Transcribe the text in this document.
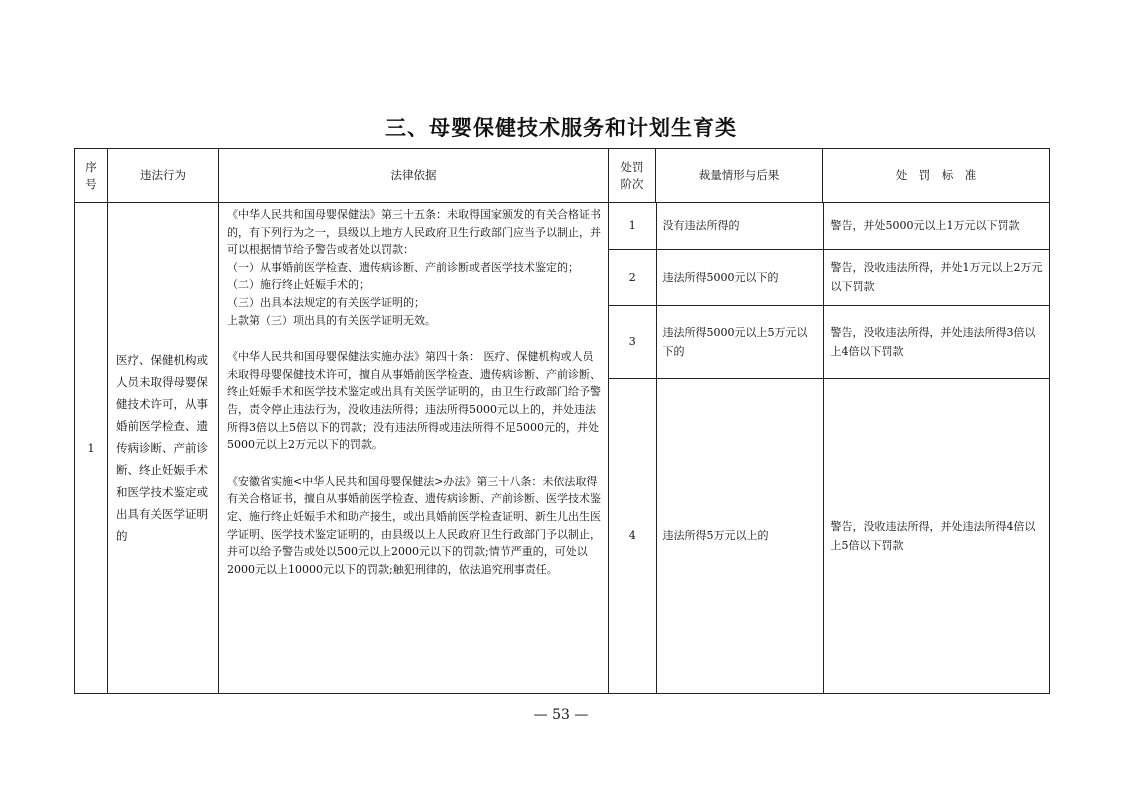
三、母婴保健技术服务和计划生育类
序号	违法行为	法律依据	处罚阶次	裁量情形与后果	处　罚　标　准
1	医疗、保健机构或人员未取得母婴保健技术许可，从事婚前医学检查、遗传病诊断、产前诊断、终止妊娠手术和医学技术鉴定或出具有关医学证明的	

《中华人民共和国母婴保健法》第三十五条：未取得国家颁发的有关合格证书的，有下列行为之一，县级以上地方人民政府卫生行政部门应当予以制止，并可以根据情节给予警告或者处以罚款：

（一）从事婚前医学检查、遗传病诊断、产前诊断或者医学技术鉴定的；

（二）施行终止妊娠手术的；

（三）出具本法规定的有关医学证明的；

上款第（三）项出具的有关医学证明无效。

《中华人民共和国母婴保健法实施办法》第四十条： 医疗、保健机构或人员未取得母婴保健技术许可，擅自从事婚前医学检查、遗传病诊断、产前诊断、终止妊娠手术和医学技术鉴定或出具有关医学证明的，由卫生行政部门给予警告，责令停止违法行为，没收违法所得；违法所得5000元以上的，并处违法所得3倍以上5倍以下的罚款；没有违法所得或违法所得不足5000元的，并处5000元以上2万元以下的罚款。

《安徽省实施<中华人民共和国母婴保健法>办法》第三十八条：未依法取得有关合格证书，擅自从事婚前医学检查、遗传病诊断、产前诊断、医学技术鉴定、施行终止妊娠手术和助产接生，或出具婚前医学检查证明、新生儿出生医学证明、医学技术鉴定证明的，由县级以上人民政府卫生行政部门予以制止，并可以给予警告或处以500元以上2000元以下的罚款;情节严重的，可处以2000元以上10000元以下的罚款;触犯刑律的，依法追究刑事责任。

1	没有违法所得的	警告，并处5000元以上1万元以下罚款
2	违法所得5000元以下的	警告，没收违法所得，并处1万元以上2万元以下罚款
3	违法所得5000元以上5万元以下的	警告，没收违法所得，并处违法所得3倍以上4倍以下罚款
4	违法所得5万元以上的	警告，没收违法所得，并处违法所得4倍以上5倍以下罚款
— 53 —
